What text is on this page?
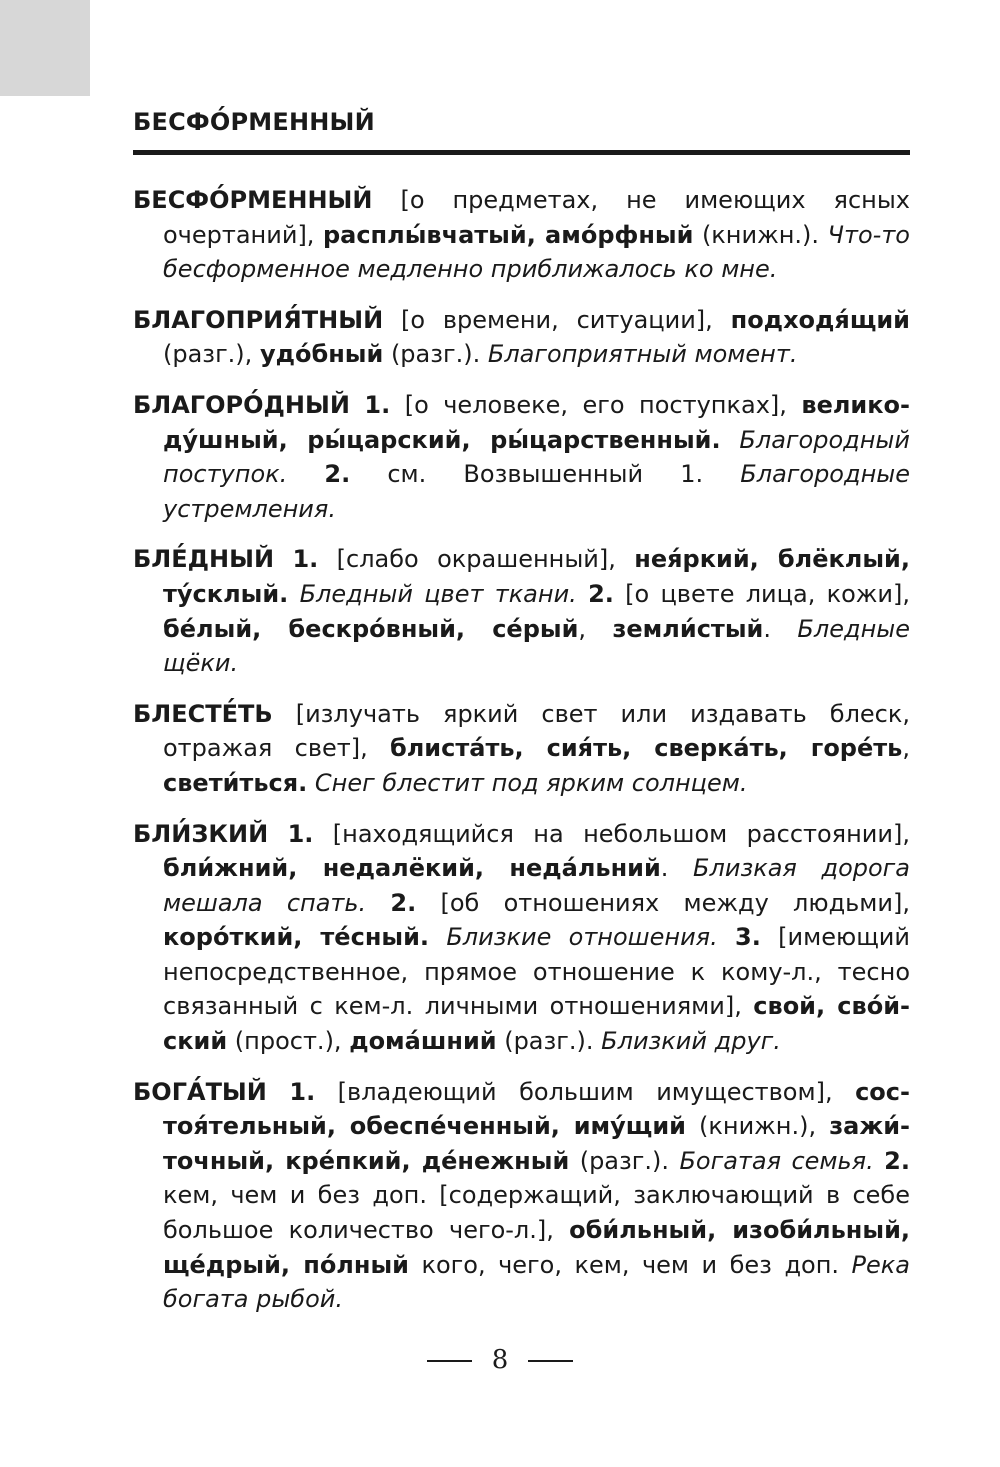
БЕСФО́РМЕННЫЙ

БЕСФО́РМЕННЫЙ [о предметах, не имеющих ясных очертаний], расплы́вчатый, амо́рфный (книжн.). Что-то бесформенное медленно приближалось ко мне.

БЛАГОПРИЯ́ТНЫЙ [о времени, ситуации], подходя́щий (разг.), удо́бный (разг.). Благоприятный момент.

БЛАГОРО́ДНЫЙ 1. [о человеке, его поступках], великоду́шный, ры́царский, ры́царственный. Благородный поступок. 2. см. Возвышенный 1. Благородные устремления.

БЛЕ́ДНЫЙ 1. [слабо окрашенный], нея́ркий, блёклый, ту́склый. Бледный цвет ткани. 2. [о цвете лица, кожи], бе́лый, бескро́вный, се́рый, земли́стый. Бледные щёки.

БЛЕСТЕ́ТЬ [излучать яркий свет или издавать блеск, отражая свет], блиста́ть, сия́ть, сверка́ть, горе́ть, свети́ться. Снег блестит под ярким солнцем.

БЛИ́ЗКИЙ 1. [находящийся на небольшом расстоянии], бли́жний, недалёкий, неда́льний. Близкая дорога мешала спать. 2. [об отношениях между людьми], коро́ткий, те́сный. Близкие отношения. 3. [имеющий непосредственное, прямое отношение к кому-л., тесно связанный с кем-л. личными отношениями], свой, сво́йский (прост.), дома́шний (разг.). Близкий друг.

БОГА́ТЫЙ 1. [владеющий большим имуществом], состоя́тельный, обеспе́ченный, иму́щий (книжн.), зажи́точный, кре́пкий, де́нежный (разг.). Богатая семья. 2. кем, чем и без доп. [содержащий, заключающий в себе большое количество чего-л.], оби́льный, изоби́льный, ще́дрый, по́лный кого, чего, кем, чем и без доп. Река богата рыбой.

8
